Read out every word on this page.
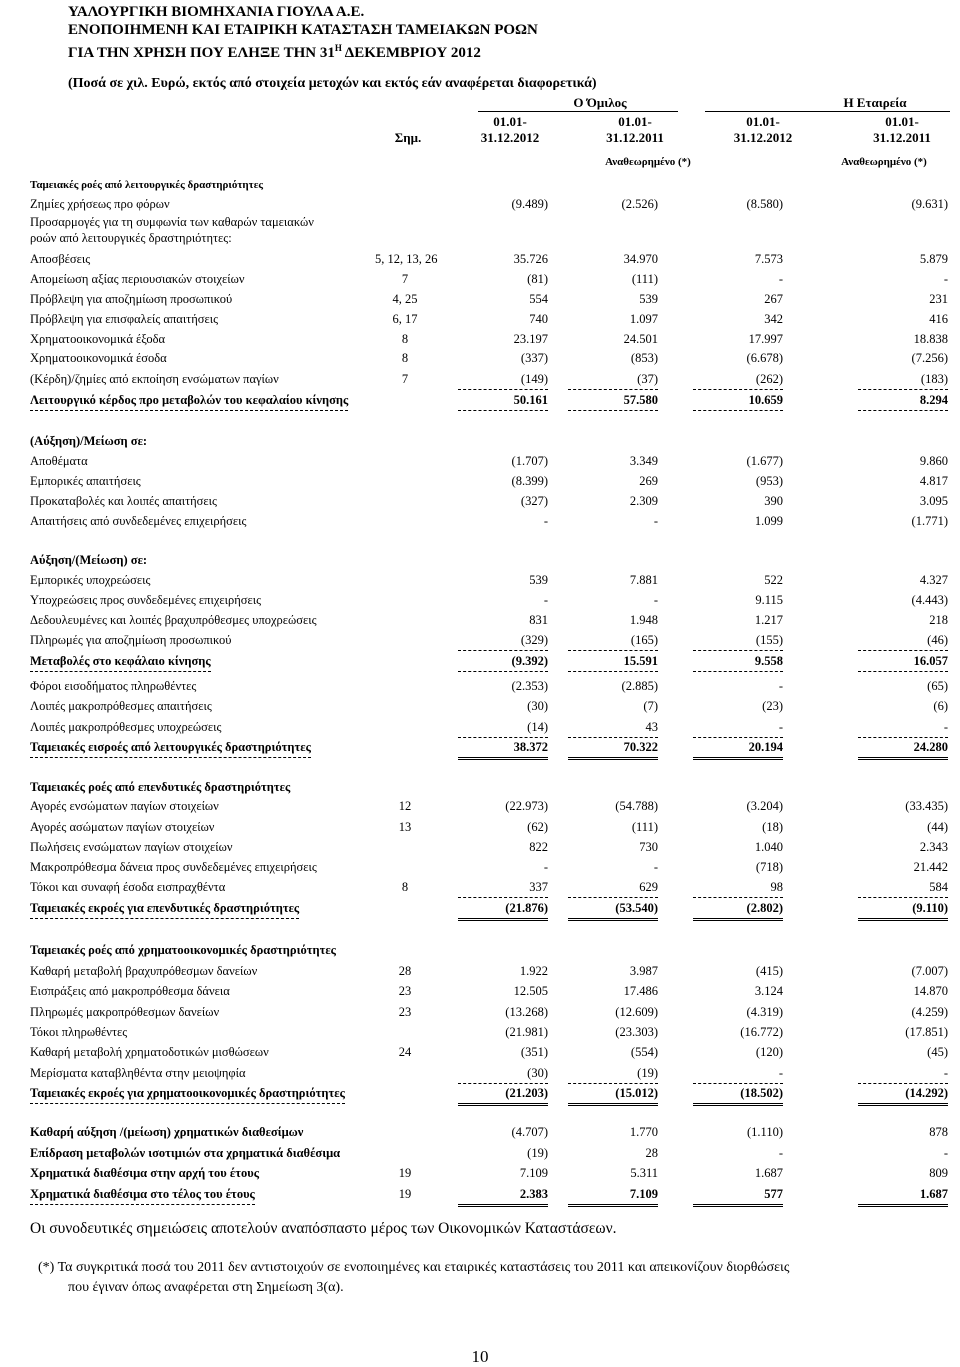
ΥΑΛΟΥΡΓΙΚΗ ΒΙΟΜΗΧΑΝΙΑ ΓΙΟΥΛΑ Α.Ε.
ΕΝΟΠΟΙΗΜΕΝΗ ΚΑΙ ΕΤΑΙΡΙΚΗ ΚΑΤΑΣΤΑΣΗ ΤΑΜΕΙΑΚΩΝ ΡΟΩΝ
ΓΙΑ ΤΗΝ ΧΡΗΣΗ ΠΟΥ ΕΛΗΞΕ ΤΗΝ $31^H$ ΔΕΚΕΜΒΡΙΟΥ 2012
(Ποσά σε χιλ. Ευρώ, εκτός από στοιχεία μετοχών και εκτός εάν αναφέρεται διαφορετικά)
Ο Όμιλος	Η Εταιρεία
Σημ.
01.01-
31.12.2012
01.01-
31.12.2011
01.01-
31.12.2012
01.01-
31.12.2011
Αναθεωρημένο (*)	Αναθεωρημένο (*)
Ταμειακές ροές από λειτουργικές δραστηριότητες
Ζημίες χρήσεως προ φόρων	(9.489)	(2.526)	(8.580)	(9.631)
Προσαρμογές για τη συμφωνία των καθαρών ταμειακών
ροών από λειτουργικές δραστηριότητες:
Αποσβέσεις	5, 12, 13, 26	35.726	34.970	7.573	5.879
Απομείωση αξίας περιουσιακών στοιχείων	7	(81)	(111)	-	-
Πρόβλεψη για αποζημίωση προσωπικού	4, 25	554	539	267	231
Πρόβλεψη για επισφαλείς απαιτήσεις	6, 17	740	1.097	342	416
Χρηματοοικονομικά έξοδα	8	23.197	24.501	17.997	18.838
Χρηματοοικονομικά έσοδα	8	(337)	(853)	(6.678)	(7.256)
(Κέρδη)/ζημίες από εκποίηση ενσώματων παγίων	7	(149)	(37)	(262)	(183)
Λειτουργικό κέρδος προ μεταβολών του κεφαλαίου κίνησης	50.161	57.580	10.659	8.294
(Αύξηση)/Μείωση σε:
Αποθέματα	(1.707)	3.349	(1.677)	9.860
Εμπορικές απαιτήσεις	(8.399)	269	(953)	4.817
Προκαταβολές και λοιπές απαιτήσεις	(327)	2.309	390	3.095
Απαιτήσεις από συνδεδεμένες επιχειρήσεις	-	-	1.099	(1.771)
Αύξηση/(Μείωση) σε:
Εμπορικές υποχρεώσεις	539	7.881	522	4.327
Υποχρεώσεις προς συνδεδεμένες επιχειρήσεις	-	-	9.115	(4.443)
Δεδουλευμένες και λοιπές βραχυπρόθεσμες υποχρεώσεις	831	1.948	1.217	218
Πληρωμές για αποζημίωση προσωπικού	(329)	(165)	(155)	(46)
Μεταβολές στο κεφάλαιο κίνησης	(9.392)	15.591	9.558	16.057
Φόροι εισοδήματος πληρωθέντες	(2.353)	(2.885)	-	(65)
Λοιπές μακροπρόθεσμες απαιτήσεις	(30)	(7)	(23)	(6)
Λοιπές μακροπρόθεσμες υποχρεώσεις	(14)	43	-	-
Ταμειακές εισροές από λειτουργικές δραστηριότητες	38.372	70.322	20.194	24.280
Ταμειακές ροές από επενδυτικές δραστηριότητες
Αγορές ενσώματων παγίων στοιχείων	12	(22.973)	(54.788)	(3.204)	(33.435)
Αγορές ασώματων παγίων στοιχείων	13	(62)	(111)	(18)	(44)
Πωλήσεις ενσώματων παγίων στοιχείων	822	730	1.040	2.343
Μακροπρόθεσμα δάνεια προς συνδεδεμένες επιχειρήσεις	-	-	(718)	21.442
Τόκοι και συναφή έσοδα εισπραχθέντα	8	337	629	98	584
Ταμειακές εκροές για επενδυτικές δραστηριότητες	(21.876)	(53.540)	(2.802)	(9.110)
Ταμειακές ροές από χρηματοοικονομικές δραστηριότητες
Καθαρή μεταβολή βραχυπρόθεσμων δανείων	28	1.922	3.987	(415)	(7.007)
Εισπράξεις από μακροπρόθεσμα δάνεια	23	12.505	17.486	3.124	14.870
Πληρωμές μακροπρόθεσμων δανείων	23	(13.268)	(12.609)	(4.319)	(4.259)
Τόκοι πληρωθέντες	(21.981)	(23.303)	(16.772)	(17.851)
Καθαρή μεταβολή χρηματοδοτικών μισθώσεων	24	(351)	(554)	(120)	(45)
Μερίσματα καταβληθέντα στην μειοψηφία	(30)	(19)	-	-
Ταμειακές εκροές για χρηματοοικονομικές δραστηριότητες	(21.203)	(15.012)	(18.502)	(14.292)
Καθαρή αύξηση /(μείωση) χρηματικών διαθεσίμων	(4.707)	1.770	(1.110)	878
Επίδραση μεταβολών ισοτιμιών στα χρηματικά διαθέσιμα	(19)	28	-	-
Χρηματικά διαθέσιμα στην αρχή του έτους	19	7.109	5.311	1.687	809
Χρηματικά διαθέσιμα στο τέλος του έτους	19	2.383	7.109	577	1.687
Οι συνοδευτικές σημειώσεις αποτελούν αναπόσπαστο μέρος των Οικονομικών Καταστάσεων.
(*) Τα συγκριτικά ποσά του 2011 δεν αντιστοιχούν σε ενοποιημένες και εταιρικές καταστάσεις του 2011 και απεικονίζουν διορθώσεις
που έγιναν όπως αναφέρεται στη Σημείωση 3(α).
10
